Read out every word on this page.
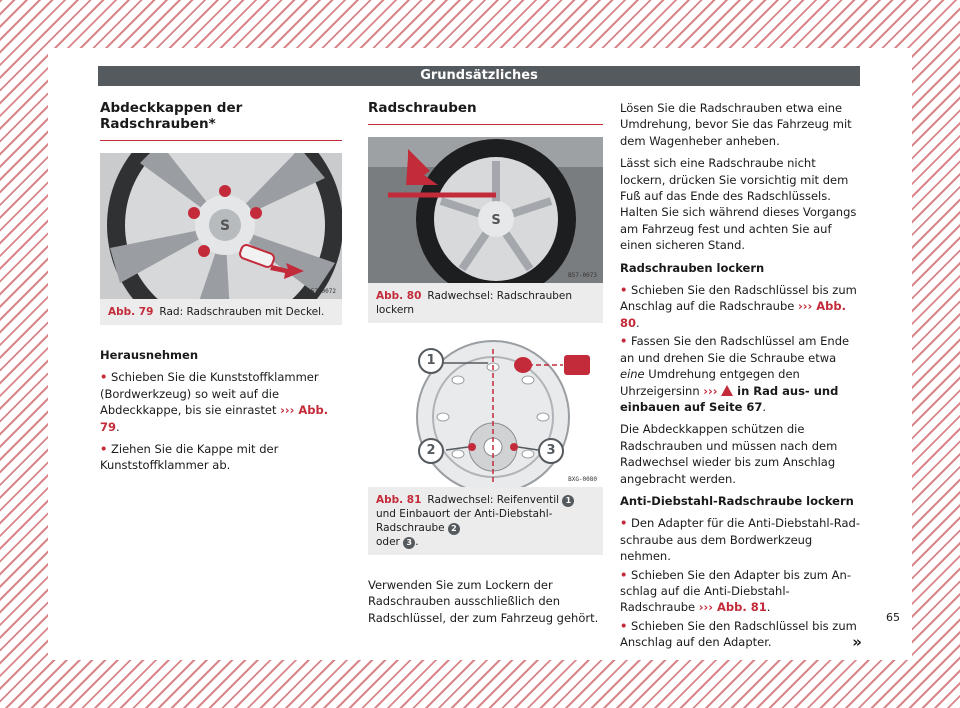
Grundsätzliches
Abdeckkappen der Radschrauben*
S
B57-0072
Abb. 79 Rad: Radschrauben mit Deckel.

Herausnehmen

• Schieben Sie die Kunststoffklammer (Bordwerkzeug) so weit auf die Abdeckkappe, bis sie einrastet ››› Abb. 79.

• Ziehen Sie die Kappe mit der Kunststoffklammer ab.

Radschrauben
S
B57-0073
Abb. 80 Radwechsel: Radschrauben lockern
1
2	3
BXG-0080
Abb. 81 Radwechsel: Reifenventil 1 und Einbauort der Anti-Diebstahl-Radschraube 2
oder 3 .

Verwenden Sie zum Lockern der Radschrauben ausschließlich den Radschlüssel, der zum Fahrzeug gehört.

Lösen Sie die Radschrauben etwa eine Umdrehung, bevor Sie das Fahrzeug mit dem Wagenheber anheben.

Lässt sich eine Radschraube nicht lockern, drücken Sie vorsichtig mit dem Fuß auf das Ende des Radschlüssels. Halten Sie sich während dieses Vorgangs am Fahrzeug fest und achten Sie auf einen sicheren Stand.

Radschrauben lockern

• Schieben Sie den Radschlüssel bis zum Anschlag auf die Radschraube ››› Abb. 80.

• Fassen Sie den Radschlüssel am Ende an und drehen Sie die Schraube etwa eine Umdrehung entgegen den Uhrzeigersinn ›››  in Rad aus- und einbauen auf Seite 67.

Die Abdeckkappen schützen die Radschrauben und müssen nach dem Radwechsel wieder bis zum Anschlag angebracht werden.

Anti-Diebstahl-Radschraube lockern

• Den Adapter für die Anti-Diebstahl-Radschraube aus dem Bordwerkzeug nehmen.

• Schieben Sie den Adapter bis zum Anschlag auf die Anti-Diebstahl-Radschraube ››› Abb. 81.

• Schieben Sie den Radschlüssel bis zum Anschlag auf den Adapter.	»

65
